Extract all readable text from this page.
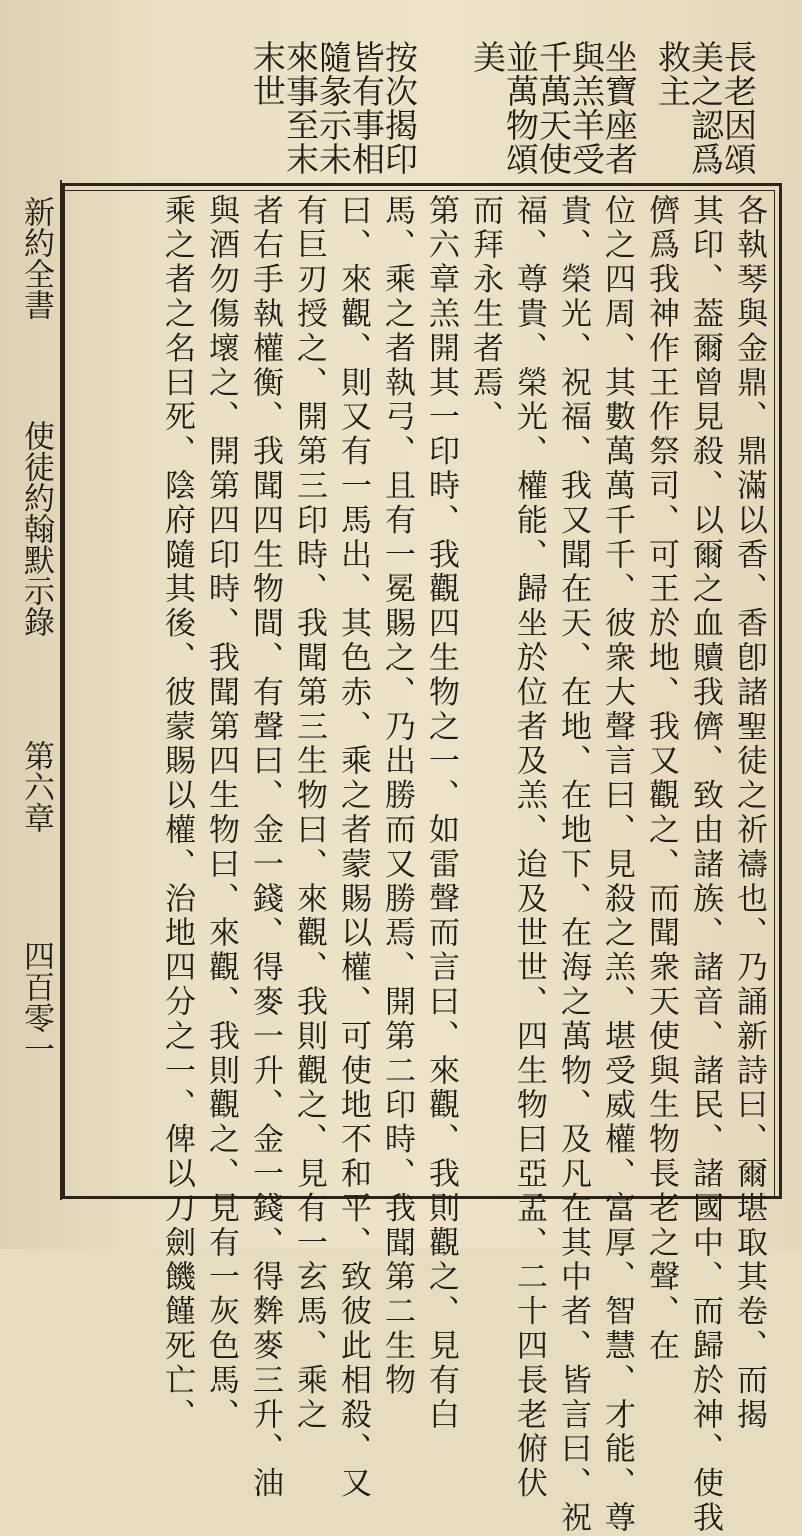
長老因頌
美之認爲
救主
坐寶座者
與羔羊受
千萬天使
並萬物頌
美
按次揭印
皆有事相
隨彖示未
來事至末
末世
各執琴與金鼎、鼎滿以香、香卽諸聖徒之祈禱也、乃誦新詩曰、爾堪取其卷、而揭
其印、葢爾曾見殺、以爾之血贖我儕、致由諸族、諸音、諸民、諸國中、而歸於神、使我
儕爲我神作王作祭司、可王於地、我又觀之、而聞衆天使與生物長老之聲、在
位之四周、其數萬萬千千、彼衆大聲言曰、見殺之羔、堪受威權、富厚、智慧、才能、尊
貴、榮光、祝福、我又聞在天、在地、在地下、在海之萬物、及凡在其中者、皆言曰、祝
福、尊貴、榮光、權能、歸坐於位者及羔、迨及世世、四生物曰亞孟、二十四長老俯伏
而拜永生者焉、
第六章羔開其一印時、我觀四生物之一、如雷聲而言曰、來觀、我則觀之、見有白
馬、乘之者執弓、且有一冕賜之、乃出勝而又勝焉、開第二印時、我聞第二生物
曰、來觀、則又有一馬出、其色赤、乘之者蒙賜以權、可使地不和平、致彼此相殺、又
有巨刃授之、開第三印時、我聞第三生物曰、來觀、我則觀之、見有一玄馬、乘之
者右手執權衡、我聞四生物間、有聲曰、金一錢、得麥一升、金一錢、得麰麥三升、油
與酒勿傷壞之、開第四印時、我聞第四生物曰、來觀、我則觀之、見有一灰色馬、
乘之者之名曰死、陰府隨其後、彼蒙賜以權、治地四分之一、俾以刀劍饑饉死亡、
新約全書
使徒約翰默示錄
第六章
四百零一
